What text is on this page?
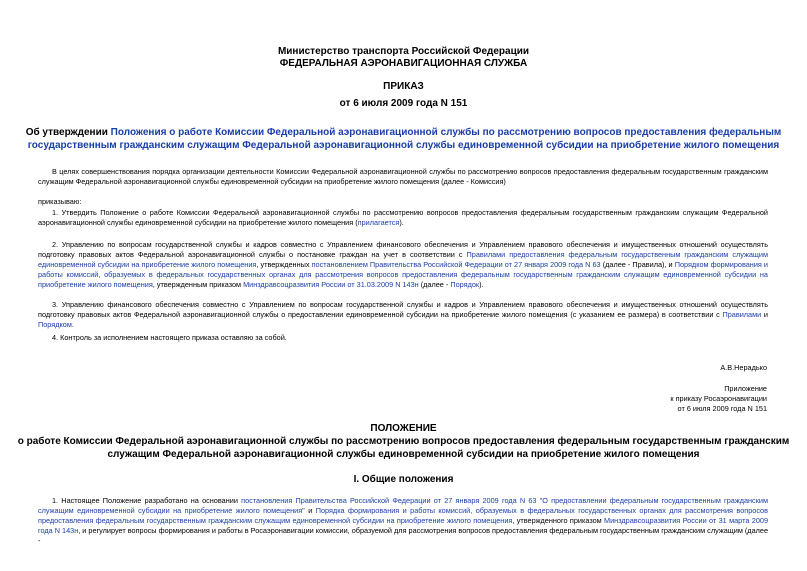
Министерство транспорта Российской Федерации
ФЕДЕРАЛЬНАЯ АЭРОНАВИГАЦИОННАЯ СЛУЖБА
ПРИКАЗ
от 6 июля 2009 года N 151
Об утверждении Положения о работе Комиссии Федеральной аэронавигационной службы по рассмотрению вопросов предоставления федеральным
государственным гражданским служащим Федеральной аэронавигационной службы единовременной субсидии на приобретение жилого помещения
В целях совершенствования порядка организации деятельности Комиссии Федеральной аэронавигационной службы по рассмотрению вопросов предоставления федеральным государственным гражданским служащим Федеральной аэронавигационной службы единовременной субсидии на приобретение жилого помещения (далее - Комиссия)
приказываю:
1. Утвердить Положение о работе Комиссии Федеральной аэронавигационной службы по рассмотрению вопросов предоставления федеральным государственным гражданским служащим Федеральной аэронавигационной службы единовременной субсидии на приобретение жилого помещения (прилагается).
2. Управлению по вопросам государственной службы и кадров совместно с Управлением финансового обеспечения и Управлением правового обеспечения и имущественных отношений осуществлять подготовку правовых актов Федеральной аэронавигационной службы о постановке граждан на учет в соответствии с Правилами предоставления федеральным государственным гражданским служащим единовременной субсидии на приобретение жилого помещения, утвержденных постановлением Правительства Российской Федерации от 27 января 2009 года N 63 (далее - Правила), и Порядком формирования и работы комиссий, образуемых в федеральных государственных органах для рассмотрения вопросов предоставления федеральным государственным гражданским служащим единовременной субсидии на приобретение жилого помещения, утвержденным приказом Минздравсоцразвития России от 31.03.2009 N 143н (далее - Порядок).
3. Управлению финансового обеспечения совместно с Управлением по вопросам государственной службы и кадров и Управлением правового обеспечения и имущественных отношений осуществлять подготовку правовых актов Федеральной аэронавигационной службы о предоставлении единовременной субсидии на приобретение жилого помещения (с указанием ее размера) в соответствии с Правилами и Порядком.
4. Контроль за исполнением настоящего приказа оставляю за собой.
А.В.Нерадько
Приложение
к приказу Росаэронавигации
от 6 июля 2009 года N 151
ПОЛОЖЕНИЕ
о работе Комиссии Федеральной аэронавигационной службы по рассмотрению вопросов предоставления федеральным государственным гражданским
служащим Федеральной аэронавигационной службы единовременной субсидии на приобретение жилого помещения
I. Общие положения
1. Настоящее Положение разработано на основании постановления Правительства Российской Федерации от 27 января 2009 года N 63 "О предоставлении федеральным государственным гражданским служащим единовременной субсидии на приобретение жилого помещения" и Порядка формирования и работы комиссий, образуемых в федеральных государственных органах для рассмотрения вопросов предоставления федеральным государственным гражданским служащим единовременной субсидии на приобретение жилого помещения, утвержденного приказом Минздравсоцразвития России от 31 марта 2009 года N 143н, и регулирует вопросы формирования и работы в Росаэронавигации комиссии, образуемой для рассмотрения вопросов предоставления федеральным государственным гражданским служащим (далее -
